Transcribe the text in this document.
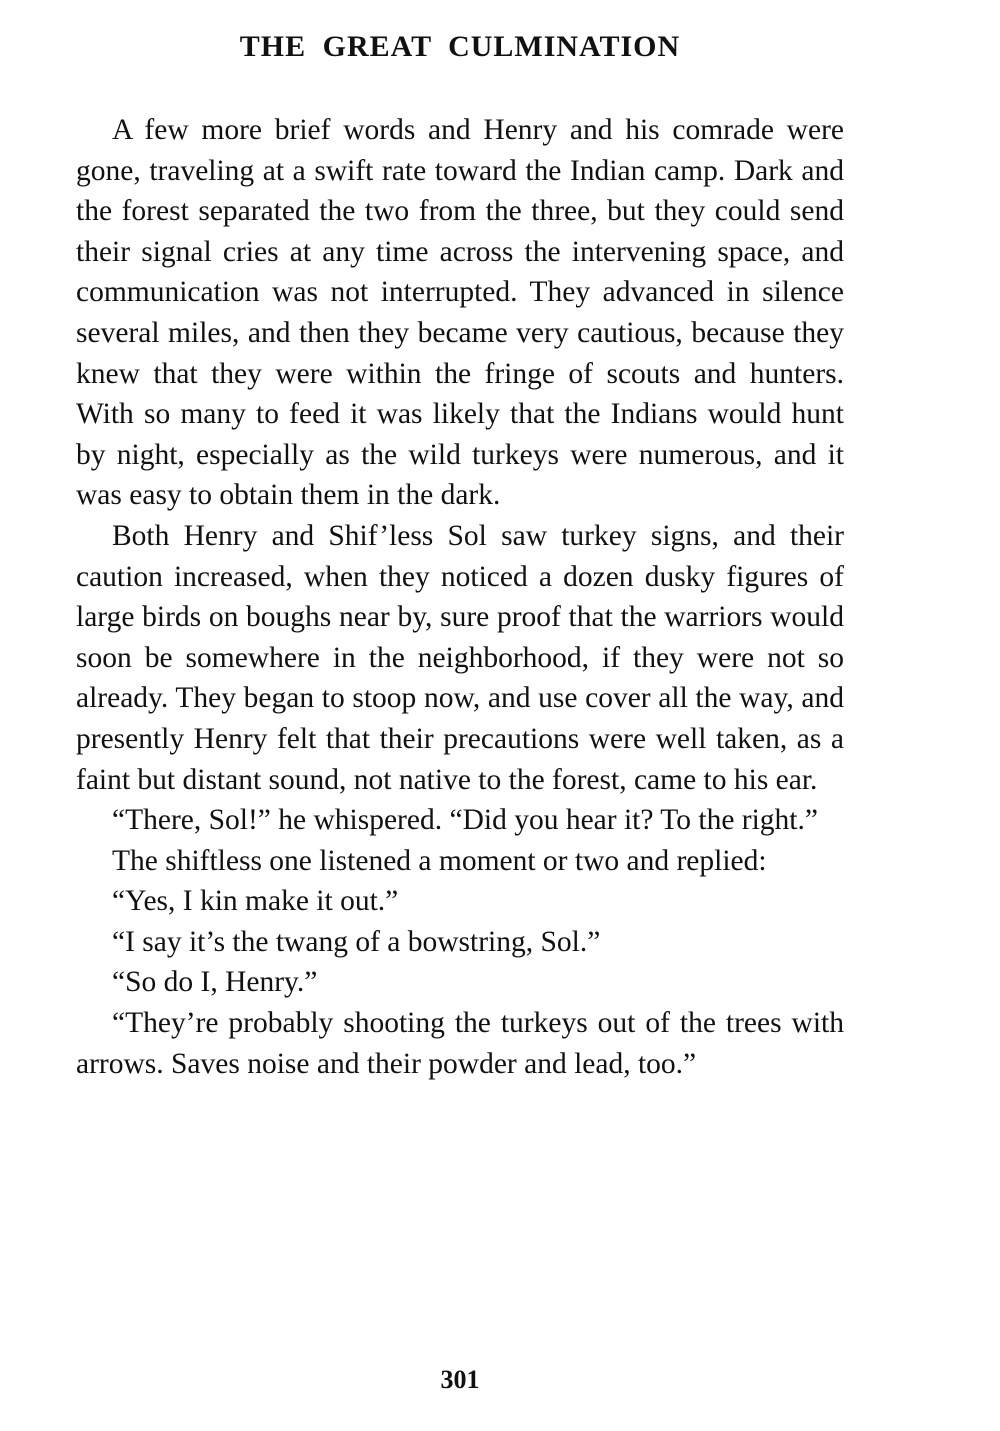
THE GREAT CULMINATION

A few more brief words and Henry and his comrade were gone, traveling at a swift rate toward the Indian camp. Dark and the forest separated the two from the three, but they could send their signal cries at any time across the intervening space, and communication was not interrupted. They advanced in silence several miles, and then they became very cautious, because they knew that they were within the fringe of scouts and hunters. With so many to feed it was likely that the Indians would hunt by night, especially as the wild turkeys were numerous, and it was easy to obtain them in the dark.

Both Henry and Shif’less Sol saw turkey signs, and their caution increased, when they noticed a dozen dusky figures of large birds on boughs near by, sure proof that the warriors would soon be somewhere in the neighborhood, if they were not so already. They began to stoop now, and use cover all the way, and presently Henry felt that their precautions were well taken, as a faint but distant sound, not native to the forest, came to his ear.

“There, Sol!” he whispered. “Did you hear it? To the right.”

The shiftless one listened a moment or two and replied:

“Yes, I kin make it out.”

“I say it’s the twang of a bowstring, Sol.”

“So do I, Henry.”

“They’re probably shooting the turkeys out of the trees with arrows. Saves noise and their powder and lead, too.”

301
